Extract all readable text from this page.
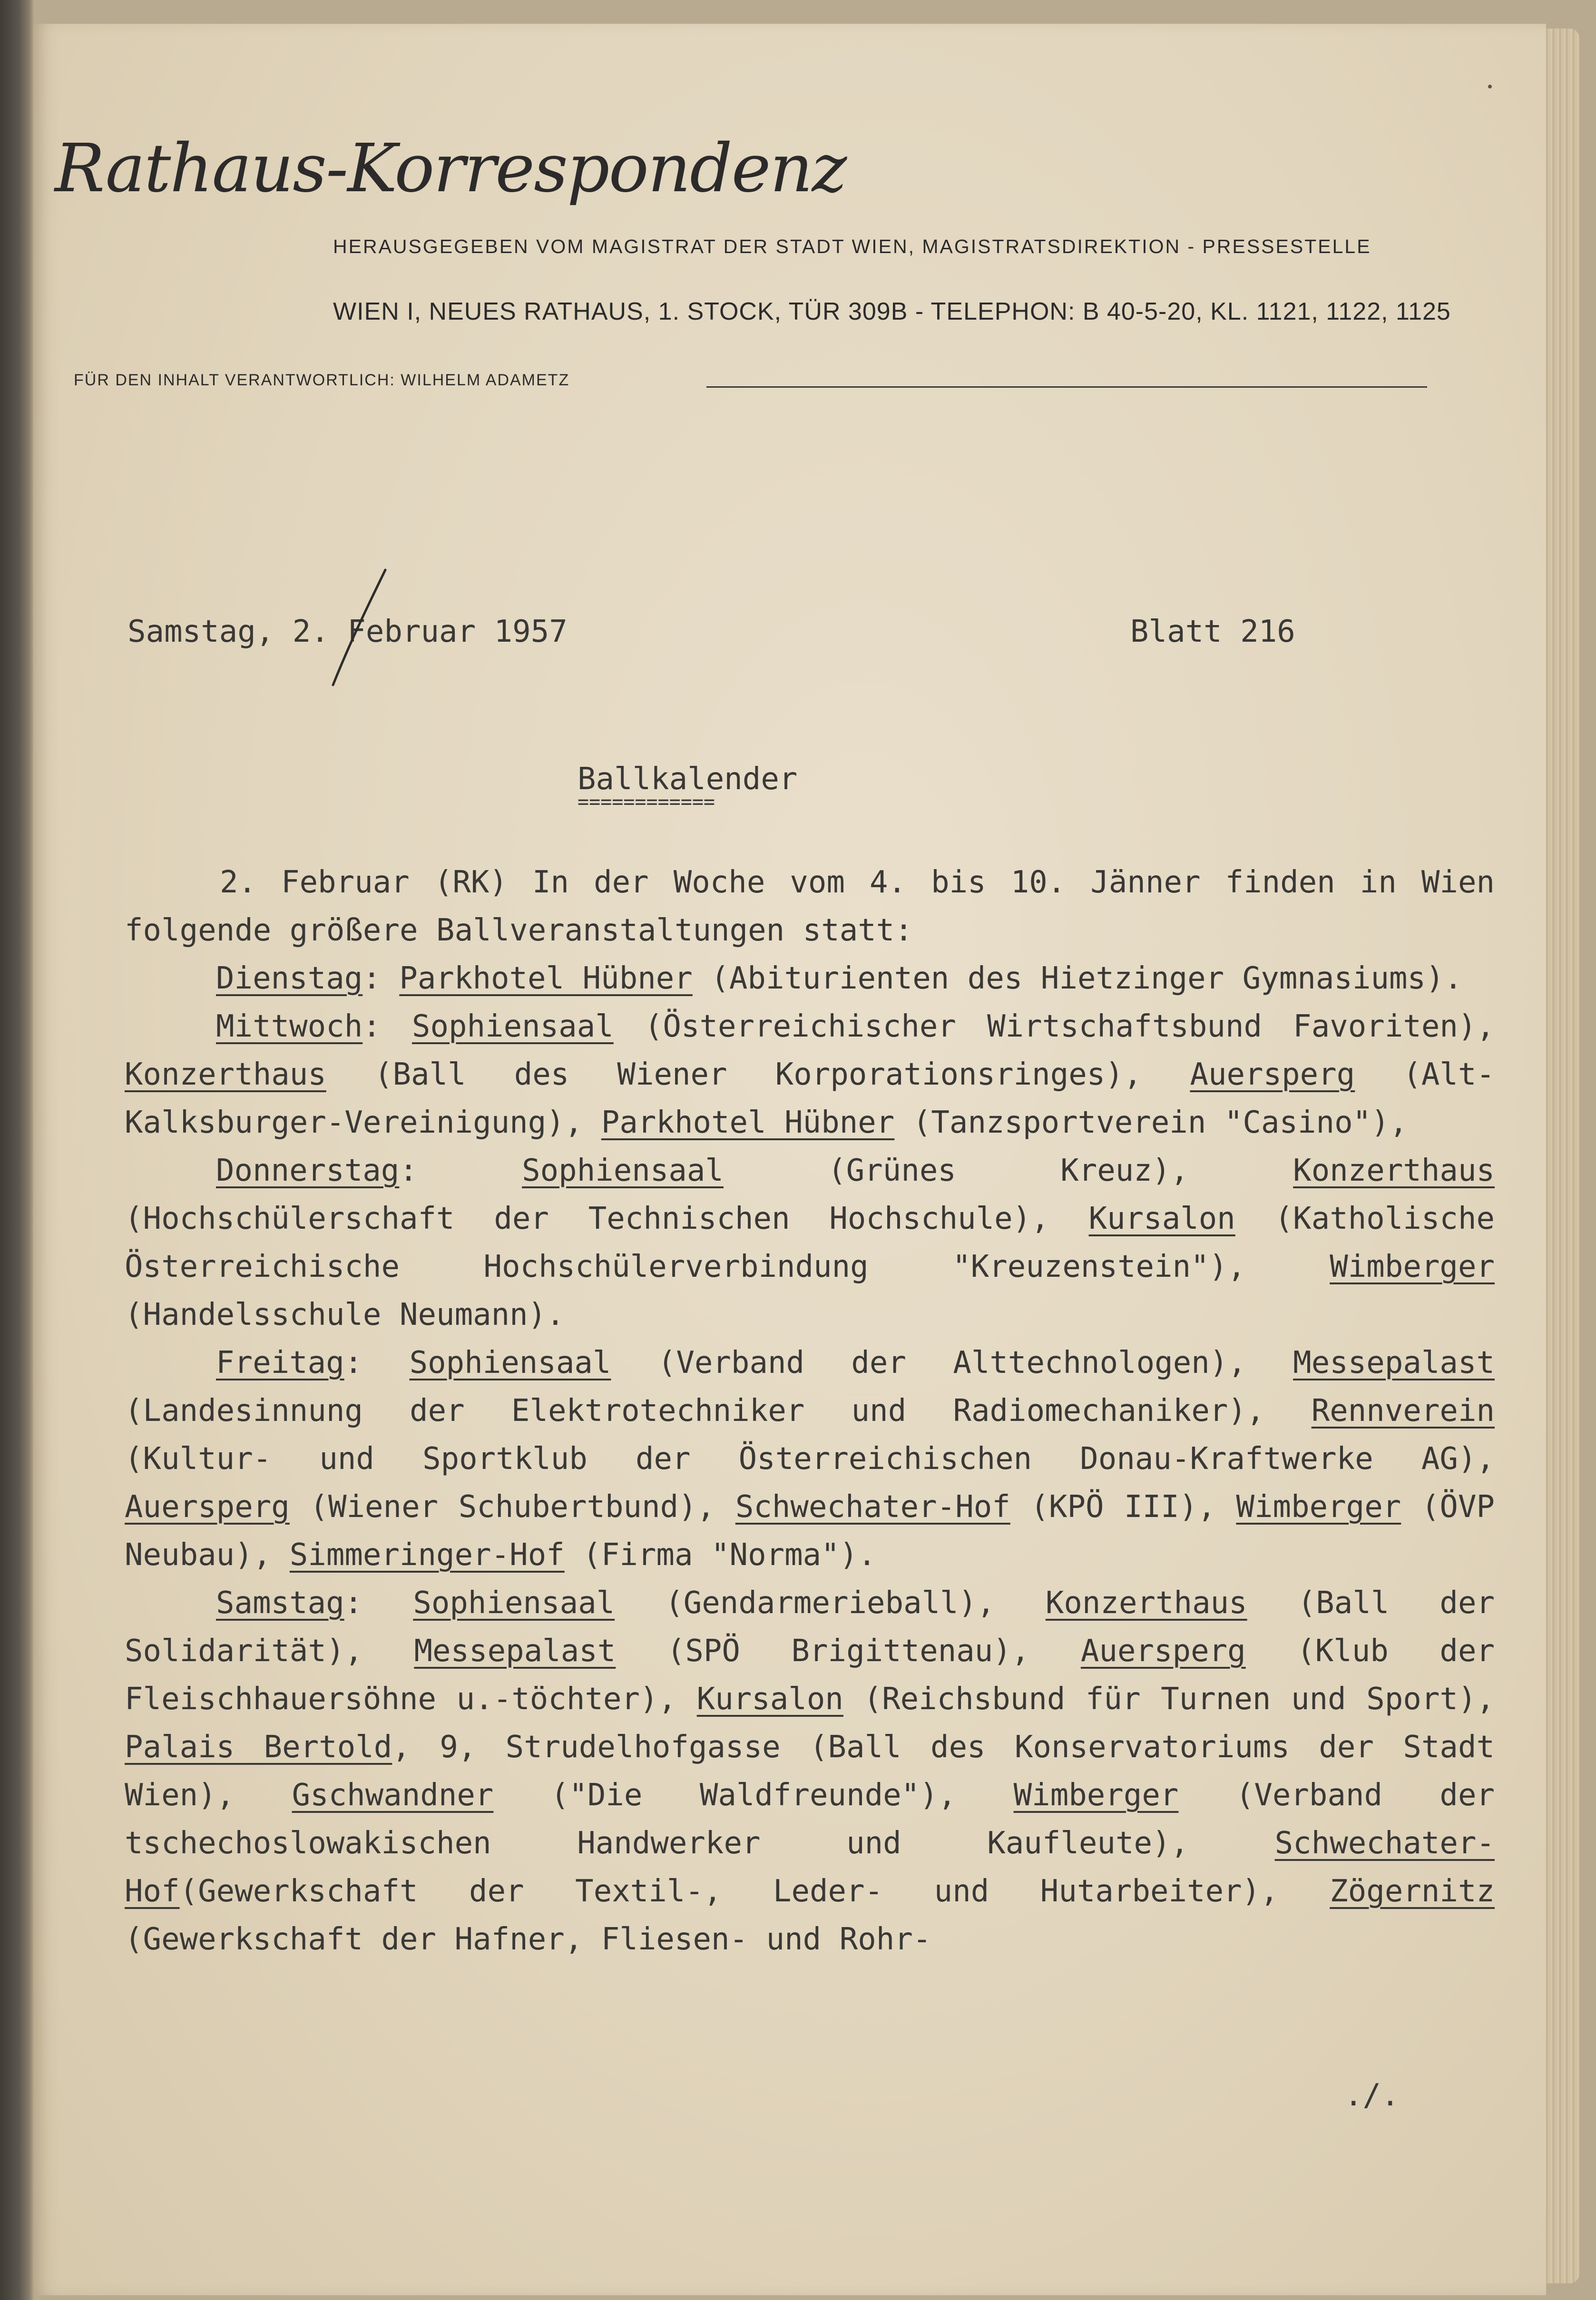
Rathaus-Korrespondenz
HERAUSGEGEBEN VOM MAGISTRAT DER STADT WIEN, MAGISTRATSDIREKTION - PRESSESTELLE
WIEN I, NEUES RATHAUS, 1. STOCK, TÜR 309B - TELEPHON: B 40-5-20, KL. 1121, 1122, 1125
FÜR DEN INHALT VERANTWORTLICH: WILHELM ADAMETZ
Samstag, 2. Februar 1957	Blatt 216
Ballkalender
============

2. Februar (RK) In der Woche vom 4. bis 10. Jänner finden in Wien folgende größere Ballveranstaltungen statt:

Dienstag: Parkhotel Hübner (Abiturienten des Hietzinger Gymnasiums).

Mittwoch: Sophiensaal (Österreichischer Wirtschaftsbund Favoriten), Konzerthaus (Ball des Wiener Korporationsringes), Auersperg (Alt-Kalksburger-Vereinigung), Parkhotel Hübner (Tanzsportverein "Casino"),

Donnerstag: Sophiensaal (Grünes Kreuz), Konzerthaus (Hochschülerschaft der Technischen Hochschule), Kursalon (Katholische Österreichische Hochschülerverbindung "Kreuzenstein"), Wimberger (Handelsschule Neumann).

Freitag: Sophiensaal (Verband der Alttechnologen), Messepalast (Landesinnung der Elektrotechniker und Radiomechaniker), Rennverein (Kultur- und Sportklub der Österreichischen Donau-Kraftwerke AG), Auersperg (Wiener Schubertbund), Schwechater-Hof (KPÖ III), Wimberger (ÖVP Neubau), Simmeringer-Hof (Firma "Norma").

Samstag: Sophiensaal (Gendarmerieball), Konzerthaus (Ball der Solidarität), Messepalast (SPÖ Brigittenau), Auersperg (Klub der Fleischhauersöhne u.-töchter), Kursalon (Reichsbund für Turnen und Sport), Palais Bertold, 9, Strudelhofgasse (Ball des Konservatoriums der Stadt Wien), Gschwandner ("Die Waldfreunde"), Wimberger (Verband der tschechoslowakischen Handwerker und Kaufleute), Schwechater-Hof(Gewerkschaft der Textil-, Leder- und Hutarbeiter), Zögernitz (Gewerkschaft der Hafner, Fliesen- und Rohr-

./.
